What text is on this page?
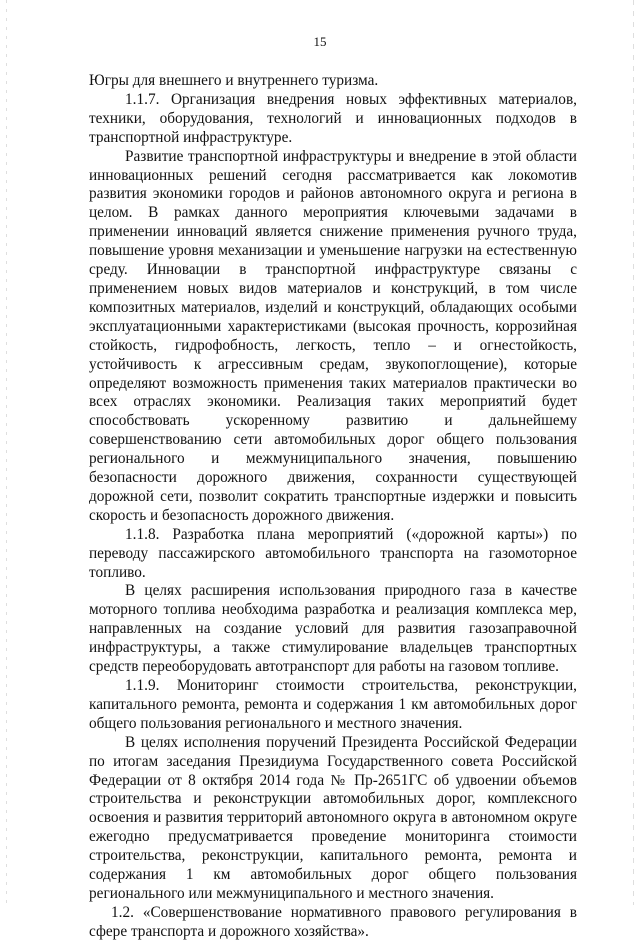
15

Югры для внешнего и внутреннего туризма.

1.1.7. Организация внедрения новых эффективных материалов, техники, оборудования, технологий и инновационных подходов в транспортной инфраструктуре.

Развитие транспортной инфраструктуры и внедрение в этой области инновационных решений сегодня рассматривается как локомотив развития экономики городов и районов автономного округа и региона в целом. В рамках данного мероприятия ключевыми задачами в применении инноваций является снижение применения ручного труда, повышение уровня механизации и уменьшение нагрузки на естественную среду. Инновации в транспортной инфраструктуре связаны с применением новых видов материалов и конструкций, в том числе композитных материалов, изделий и конструкций, обладающих особыми эксплуатационными характеристиками (высокая прочность, коррозийная стойкость, гидрофобность, легкость, тепло – и огнестойкость, устойчивость к агрессивным средам, звукопоглощение), которые определяют возможность применения таких материалов практически во всех отраслях экономики. Реализация таких мероприятий будет способствовать ускоренному развитию и дальнейшему совершенствованию сети автомобильных дорог общего пользования регионального и межмуниципального значения, повышению безопасности дорожного движения, сохранности существующей дорожной сети, позволит сократить транспортные издержки и повысить скорость и безопасность дорожного движения.

1.1.8. Разработка плана мероприятий («дорожной карты») по переводу пассажирского автомобильного транспорта на газомоторное топливо.

В целях расширения использования природного газа в качестве моторного топлива необходима разработка и реализация комплекса мер, направленных на создание условий для развития газозаправочной инфраструктуры, а также стимулирование владельцев транспортных средств переоборудовать автотранспорт для работы на газовом топливе.

1.1.9. Мониторинг стоимости строительства, реконструкции, капитального ремонта, ремонта и содержания 1 км автомобильных дорог общего пользования регионального и местного значения.

В целях исполнения поручений Президента Российской Федерации по итогам заседания Президиума Государственного совета Российской Федерации от 8 октября 2014 года № Пр-2651ГС об удвоении объемов строительства и реконструкции автомобильных дорог, комплексного освоения и развития территорий автономного округа в автономном округе ежегодно предусматривается проведение мониторинга стоимости строительства, реконструкции, капитального ремонта, ремонта и содержания 1 км автомобильных дорог общего пользования регионального или межмуниципального и местного значения.

1.2. «Совершенствование нормативного правового регулирования в сфере транспорта и дорожного хозяйства».
